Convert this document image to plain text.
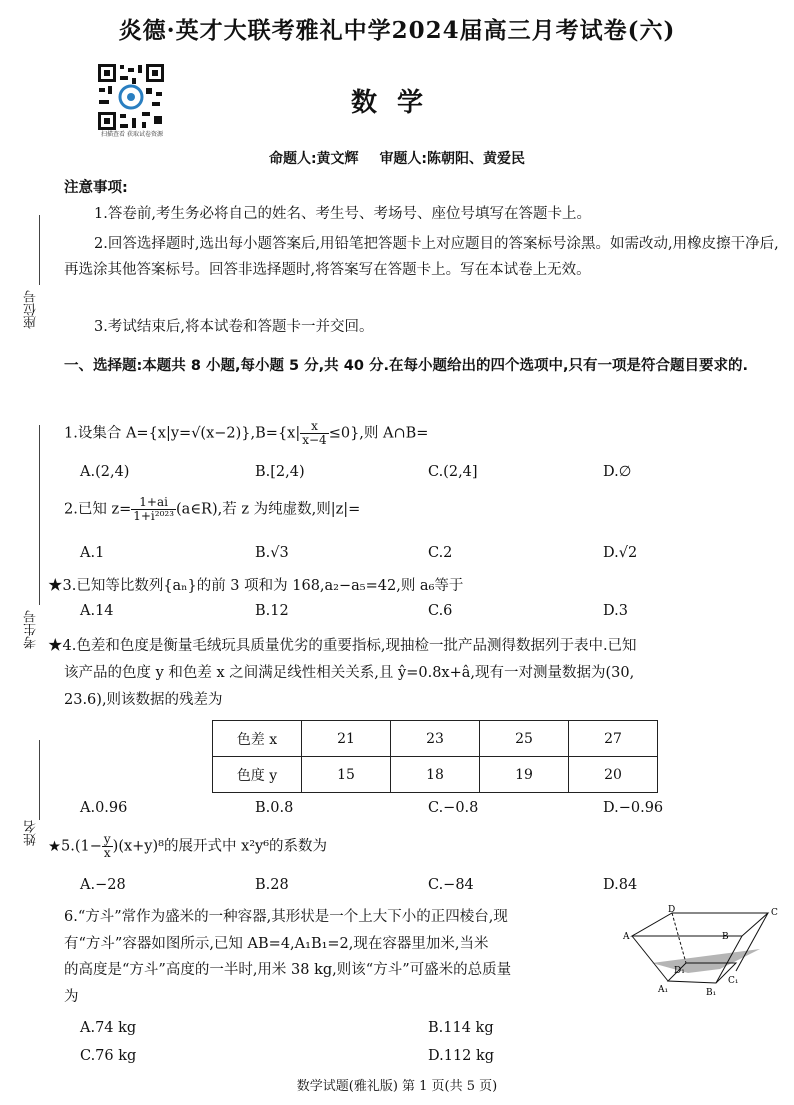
炎德·英才大联考雅礼中学2024届高三月考试卷(六)
扫描查看 获取试卷资源
数学
命题人:黄文辉 审题人:陈朝阳、黄爱民
注意事项:
1.答卷前,考生务必将自己的姓名、考生号、考场号、座位号填写在答题卡上。
2.回答选择题时,选出每小题答案后,用铅笔把答题卡上对应题目的答案标号涂黑。如需改动,用橡皮擦干净后,再选涂其他答案标号。回答非选择题时,将答案写在答题卡上。写在本试卷上无效。
3.考试结束后,将本试卷和答题卡一并交回。
座位号
考生号
姓名
一、选择题:本题共 8 小题,每小题 5 分,共 40 分.在每小题给出的四个选项中,只有一项是符合题目要求的.
1.设集合 $A=\{x|y=√(x-2)\},B=\{x| \frac{x}{x-4} \le 0\}$,则 A∩B=
A.(2,4)	B.[2,4)	C.(2,4]	D.∅
2.已知 $z= \frac{1+ai}{\text{1+i²⁰²³}}$ (a∈R),若 z 为纯虚数,则|z|=
A.1	B.√3	C.2	D.√2
★3.已知等比数列{aₙ}的前 3 项和为 168,a₂−a₅=42,则 a₆等于
A.14	B.12	C.6	D.3
★4.色差和色度是衡量毛绒玩具质量优劣的重要指标,现抽检一批产品测得数据列于表中.已知
该产品的色度 y 和色差 x 之间满足线性相关关系,且 ŷ=0.8x+â,现有一对测量数据为(30,
23.6),则该数据的残差为
色差 x	21	23	25	27
色度 y	15	18	19	20
A.0.96	B.0.8	C.−0.8	D.−0.96
★5.(1− $\frac{y}{x} )(x+y)^8$的展开式中 x²y⁶的系数为
A.−28	B.28	C.−84	D.84
6.“方斗”常作为盛米的一种容器,其形状是一个上大下小的正四棱台,现
有“方斗”容器如图所示,已知 AB=4,A₁B₁=2,现在容器里加米,当米
的高度是“方斗”高度的一半时,用米 38 kg,则该“方斗”可盛米的总质量
为
A.74 kg	B.114 kg
C.76 kg	D.112 kg
D	C
A	B
D₁
C₁
A₁	B₁
数学试题(雅礼版) 第 1 页(共 5 页)
